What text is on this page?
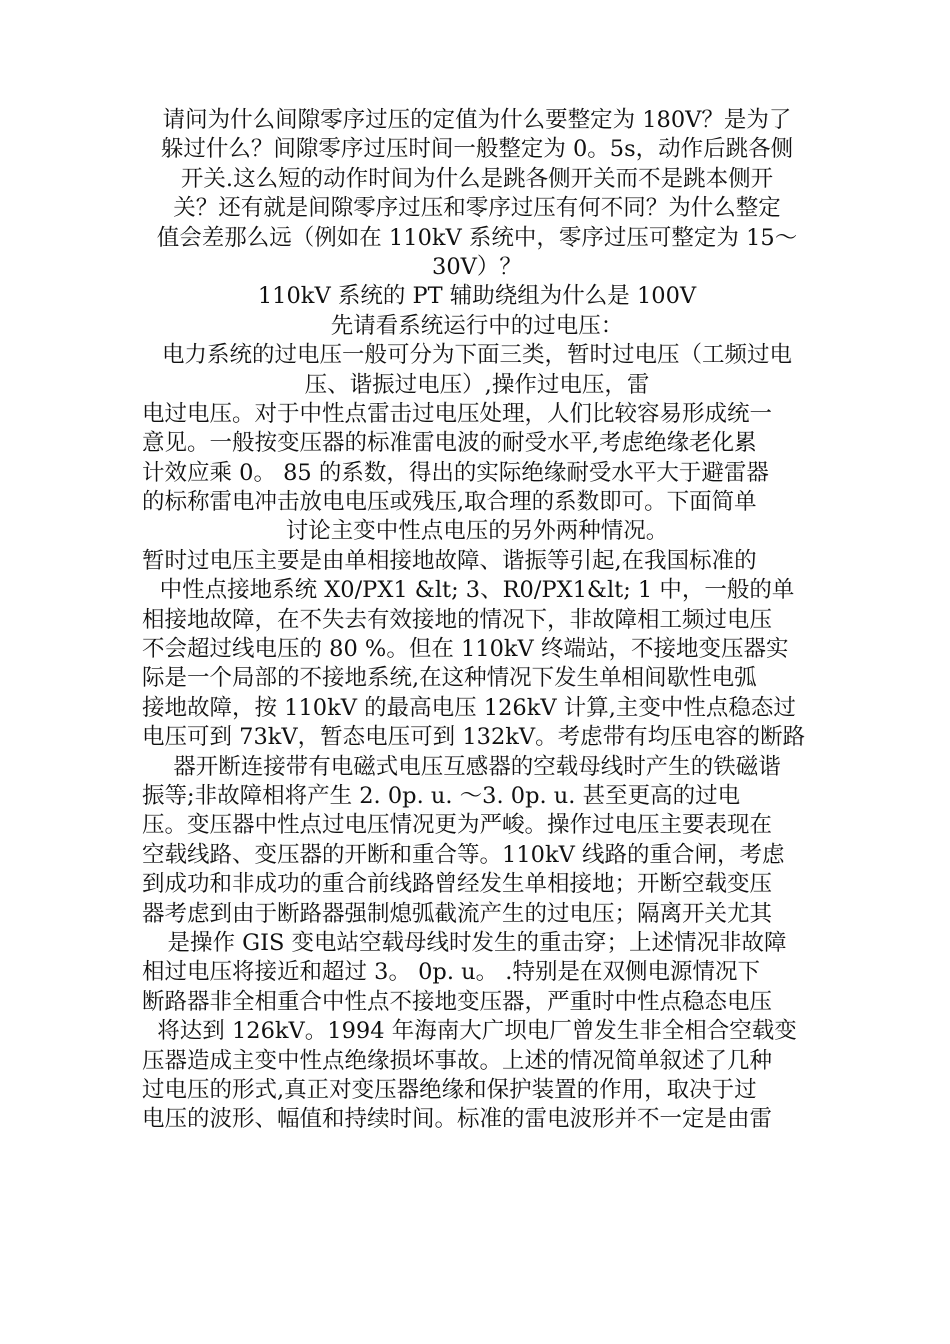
请问为什么间隙零序过压的定值为什么要整定为 180V？是为了
躲过什么？间隙零序过压时间一般整定为 0。5s，动作后跳各侧
开关.这么短的动作时间为什么是跳各侧开关而不是跳本侧开
关？还有就是间隙零序过压和零序过压有何不同？为什么整定
值会差那么远（例如在 110kV 系统中，零序过压可整定为 15～
30V）？
110kV 系统的 PT 辅助绕组为什么是 100V
先请看系统运行中的过电压：
电力系统的过电压一般可分为下面三类，暂时过电压（工频过电
压、谐振过电压）,操作过电压，雷
电过电压。对于中性点雷击过电压处理，人们比较容易形成统一
意见。一般按变压器的标准雷电波的耐受水平,考虑绝缘老化累
计效应乘 0。 85 的系数，得出的实际绝缘耐受水平大于避雷器
的标称雷电冲击放电电压或残压,取合理的系数即可。下面简单
讨论主变中性点电压的另外两种情况。
暂时过电压主要是由单相接地故障、谐振等引起,在我国标准的
中性点接地系统 X0/PX1 &lt; 3、R0/PX1&lt; 1 中，一般的单
相接地故障，在不失去有效接地的情况下，非故障相工频过电压
不会超过线电压的 80 %。但在 110kV 终端站，不接地变压器实
际是一个局部的不接地系统,在这种情况下发生单相间歇性电弧
接地故障，按 110kV 的最高电压 126kV 计算,主变中性点稳态过
电压可到 73kV，暂态电压可到 132kV。考虑带有均压电容的断路
器开断连接带有电磁式电压互感器的空载母线时产生的铁磁谐
振等;非故障相将产生 2. 0p. u. ～3. 0p. u. 甚至更高的过电
压。变压器中性点过电压情况更为严峻。操作过电压主要表现在
空载线路、变压器的开断和重合等。110kV 线路的重合闸，考虑
到成功和非成功的重合前线路曾经发生单相接地；开断空载变压
器考虑到由于断路器强制熄弧截流产生的过电压；隔离开关尤其
是操作 GIS 变电站空载母线时发生的重击穿；上述情况非故障
相过电压将接近和超过 3。 0p. u。 .特别是在双侧电源情况下
断路器非全相重合中性点不接地变压器，严重时中性点稳态电压
将达到 126kV。1994 年海南大广坝电厂曾发生非全相合空载变
压器造成主变中性点绝缘损坏事故。上述的情况简单叙述了几种
过电压的形式,真正对变压器绝缘和保护装置的作用，取决于过
电压的波形、幅值和持续时间。标准的雷电波形并不一定是由雷
